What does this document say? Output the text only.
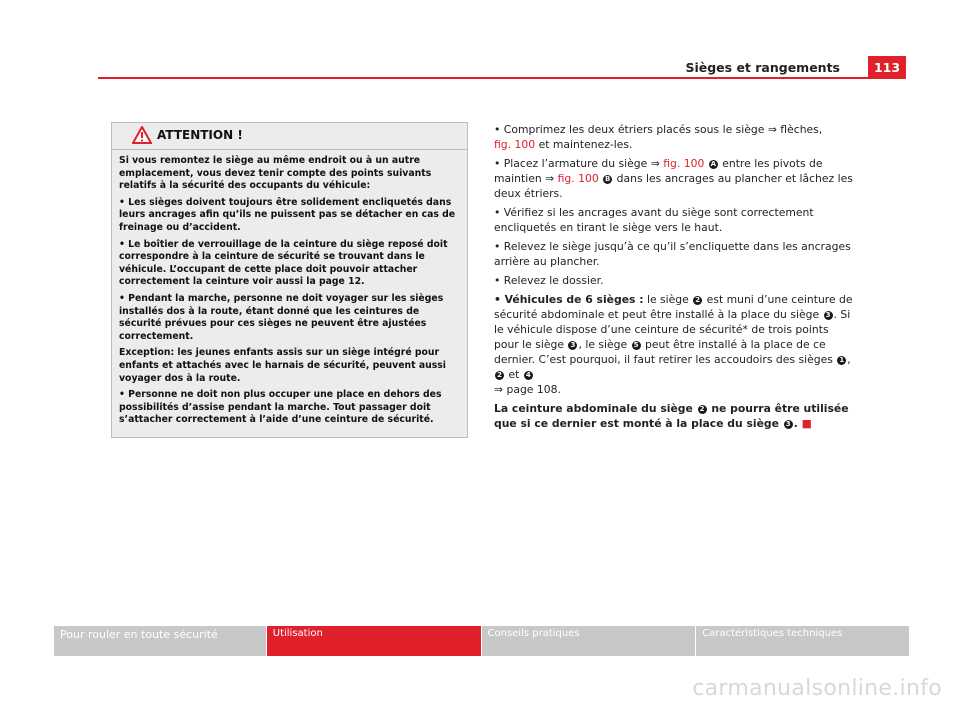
Sièges et rangements	113
ATTENTION !

Si vous remontez le siège au même endroit ou à un autre emplacement, vous devez tenir compte des points suivants relatifs à la sécurité des occupants du véhicule:

• Les sièges doivent toujours être solidement encliquetés dans leurs ancrages afin qu’ils ne puissent pas se détacher en cas de freinage ou d’accident.

• Le boîtier de verrouillage de la ceinture du siège reposé doit correspondre à la ceinture de sécurité se trouvant dans le véhicule. L’occupant de cette place doit pouvoir attacher correctement la ceinture voir aussi la page 12.

• Pendant la marche, personne ne doit voyager sur les sièges installés dos à la route, étant donné que les ceintures de sécurité prévues pour ces sièges ne peuvent être ajustées correctement.

Exception: les jeunes enfants assis sur un siège intégré pour enfants et attachés avec le harnais de sécurité, peuvent aussi voyager dos à la route.

• Personne ne doit non plus occuper une place en dehors des possibilités d’assise pendant la marche. Tout passager doit s’attacher correctement à l’aide d’une ceinture de sécurité.

• Comprimez les deux étriers placés sous le siège ⇒ flèches,
fig. 100 et maintenez-les.

• Placez l’armature du siège ⇒ fig. 100 A entre les pivots de maintien ⇒ fig. 100 B dans les ancrages au plancher et lâchez les deux étriers.

• Vérifiez si les ancrages avant du siège sont correctement encliquetés en tirant le siège vers le haut.

• Relevez le siège jusqu’à ce qu’il s’encliquette dans les ancrages arrière au plancher.

• Relevez le dossier.

• Véhicules de 6 sièges : le siège 2 est muni d’une ceinture de sécurité abdominale et peut être installé à la place du siège 3 . Si le véhicule dispose d’une ceinture de sécurité* de trois points pour le siège 3 , le siège 5 peut être installé à la place de ce dernier. C’est pourquoi, il faut retirer les accoudoirs des sièges 1 , 2 et 4
⇒ page 108.

La ceinture abdominale du siège 2 ne pourra être utilisée que si ce dernier est monté à la place du siège 3 . ■

Pour rouler en toute sécurité	Utilisation	Conseils pratiques	Caractéristiques techniques
carmanualsonline.info
